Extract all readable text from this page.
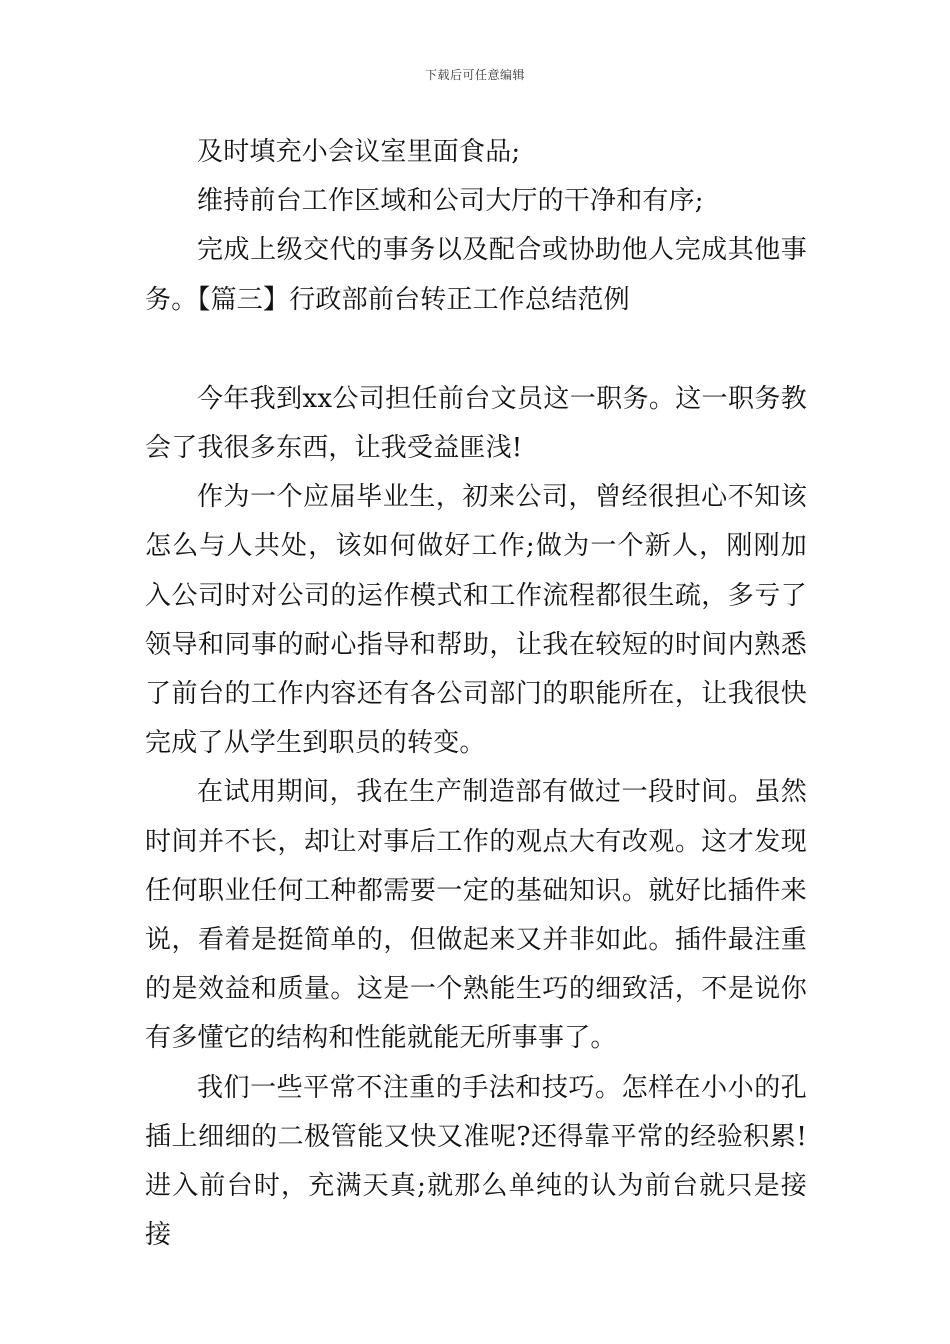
下载后可任意编辑

及时填充小会议室里面食品;

维持前台工作区域和公司大厅的干净和有序;

完成上级交代的事务以及配合或协助他人完成其他事务。【篇三】行政部前台转正工作总结范例

今年我到xx公司担任前台文员这一职务。这一职务教会了我很多东西，让我受益匪浅!

作为一个应届毕业生，初来公司，曾经很担心不知该怎么与人共处，该如何做好工作;做为一个新人，刚刚加入公司时对公司的运作模式和工作流程都很生疏，多亏了领导和同事的耐心指导和帮助，让我在较短的时间内熟悉了前台的工作内容还有各公司部门的职能所在，让我很快完成了从学生到职员的转变。

在试用期间，我在生产制造部有做过一段时间。虽然时间并不长，却让对事后工作的观点大有改观。这才发现任何职业任何工种都需要一定的基础知识。就好比插件来说，看着是挺简单的，但做起来又并非如此。插件最注重的是效益和质量。这是一个熟能生巧的细致活，不是说你有多懂它的结构和性能就能无所事事了。

我们一些平常不注重的手法和技巧。怎样在小小的孔插上细细的二极管能又快又准呢?还得靠平常的经验积累!进入前台时，充满天真;就那么单纯的认为前台就只是接接
